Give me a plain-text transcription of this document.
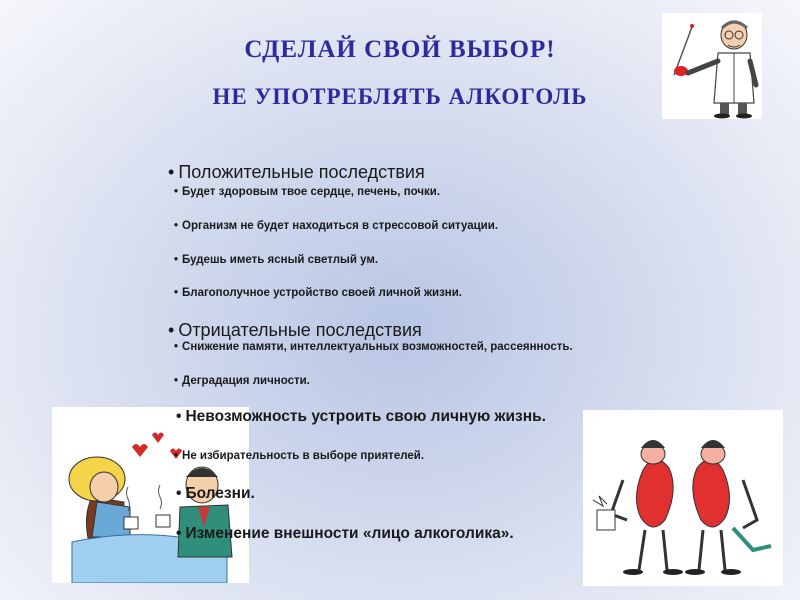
СДЕЛАЙ СВОЙ ВЫБОР!
НЕ УПОТРЕБЛЯТЬ АЛКОГОЛЬ
• Положительные последствия
• Будет здоровым твое сердце, печень, почки.
• Организм не будет находиться в стрессовой ситуации.
• Будешь иметь ясный светлый ум.
• Благополучное устройство своей личной жизни.
• Отрицательные последствия
• Снижение памяти, интеллектуальных возможностей, рассеянность.
• Деградация личности.
• Невозможность устроить свою личную жизнь.
• Не избирательность в выборе приятелей.
• Болезни.
• Изменение внешности «лицо алкоголика».
